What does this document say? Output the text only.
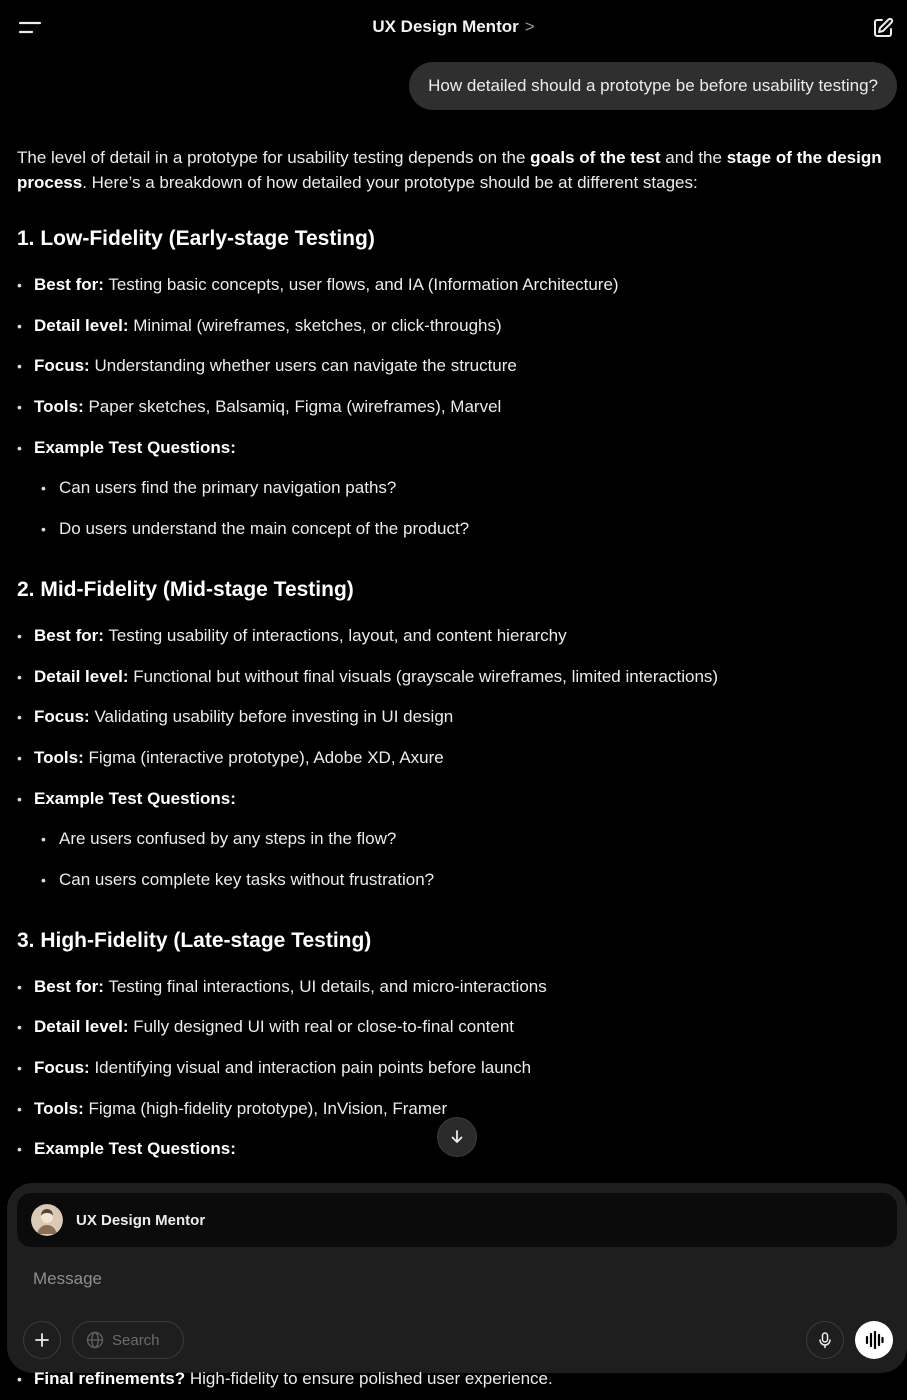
UX Design Mentor >
How detailed should a prototype be before usability testing?

The level of detail in a prototype for usability testing depends on the goals of the test and the stage of the design process. Here’s a breakdown of how detailed your prototype should be at different stages:

1. Low-Fidelity (Early-stage Testing)
• Best for: Testing basic concepts, user flows, and IA (Information Architecture)
• Detail level: Minimal (wireframes, sketches, or click-throughs)
• Focus: Understanding whether users can navigate the structure
• Tools: Paper sketches, Balsamiq, Figma (wireframes), Marvel
• Example Test Questions:
• Can users find the primary navigation paths?
• Do users understand the main concept of the product?
2. Mid-Fidelity (Mid-stage Testing)
• Best for: Testing usability of interactions, layout, and content hierarchy
• Detail level: Functional but without final visuals (grayscale wireframes, limited interactions)
• Focus: Validating usability before investing in UI design
• Tools: Figma (interactive prototype), Adobe XD, Axure
• Example Test Questions:
• Are users confused by any steps in the flow?
• Can users complete key tasks without frustration?
3. High-Fidelity (Late-stage Testing)
• Best for: Testing final interactions, UI details, and micro-interactions
• Detail level: Fully designed UI with real or close-to-final content
• Focus: Identifying visual and interaction pain points before launch
• Tools: Figma (high-fidelity prototype), InVision, Framer
• Example Test Questions:
•
UX Design Mentor
Message
Search
• Final refinements? High-fidelity to ensure polished user experience.
